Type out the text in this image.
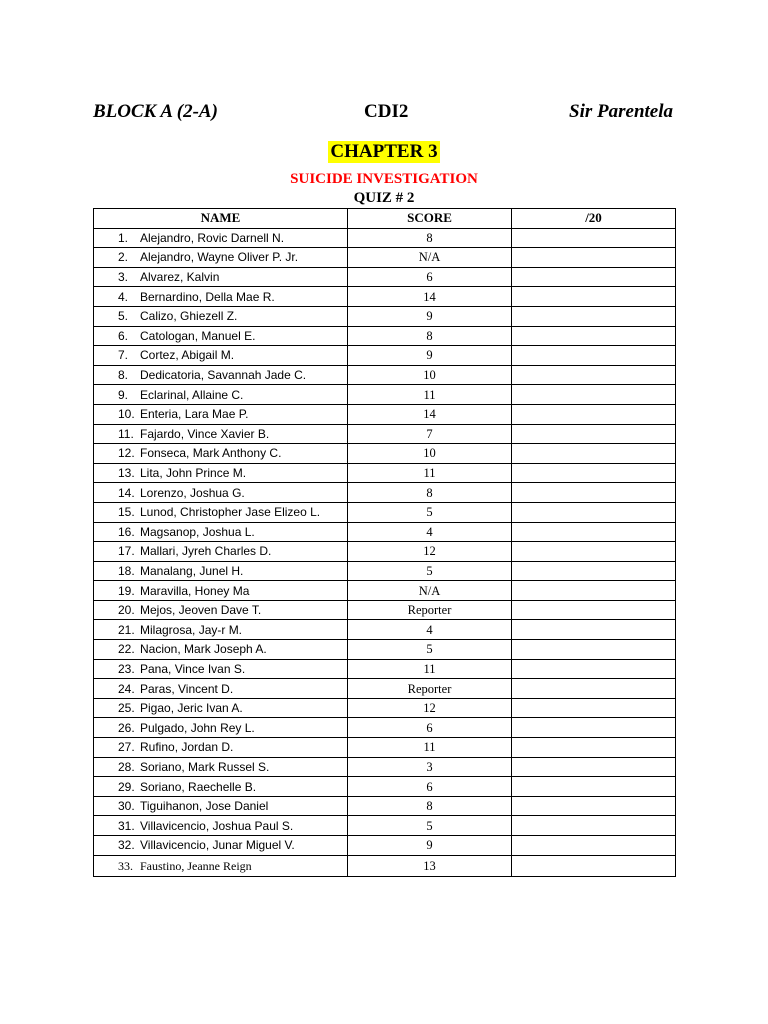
BLOCK A (2-A)	CDI2	Sir Parentela
CHAPTER 3
SUICIDE INVESTIGATION
QUIZ # 2
NAME	SCORE	/20
1. Alejandro, Rovic Darnell N.	8	
2. Alejandro, Wayne Oliver P. Jr.	N/A	
3. Alvarez, Kalvin	6	
4. Bernardino, Della Mae R.	14	
5. Calizo, Ghiezell Z.	9	
6. Catologan, Manuel E.	8	
7. Cortez, Abigail M.	9	
8. Dedicatoria, Savannah Jade C.	10	
9. Eclarinal, Allaine C.	11	
10. Enteria, Lara Mae P.	14	
11. Fajardo, Vince Xavier B.	7	
12. Fonseca, Mark Anthony C.	10	
13. Lita, John Prince M.	11	
14. Lorenzo, Joshua G.	8	
15. Lunod, Christopher Jase Elizeo L.	5	
16. Magsanop, Joshua L.	4	
17. Mallari, Jyreh Charles D.	12	
18. Manalang, Junel H.	5	
19. Maravilla, Honey Ma	N/A	
20. Mejos, Jeoven Dave T.	Reporter	
21. Milagrosa, Jay-r M.	4	
22. Nacion, Mark Joseph A.	5	
23. Pana, Vince Ivan S.	11	
24. Paras, Vincent D.	Reporter	
25. Pigao, Jeric Ivan A.	12	
26. Pulgado, John Rey L.	6	
27. Rufino, Jordan D.	11	
28. Soriano, Mark Russel S.	3	
29. Soriano, Raechelle B.	6	
30. Tiguihanon, Jose Daniel	8	
31. Villavicencio, Joshua Paul S.	5	
32. Villavicencio, Junar Miguel V.	9	
33. Faustino, Jeanne Reign	13	
